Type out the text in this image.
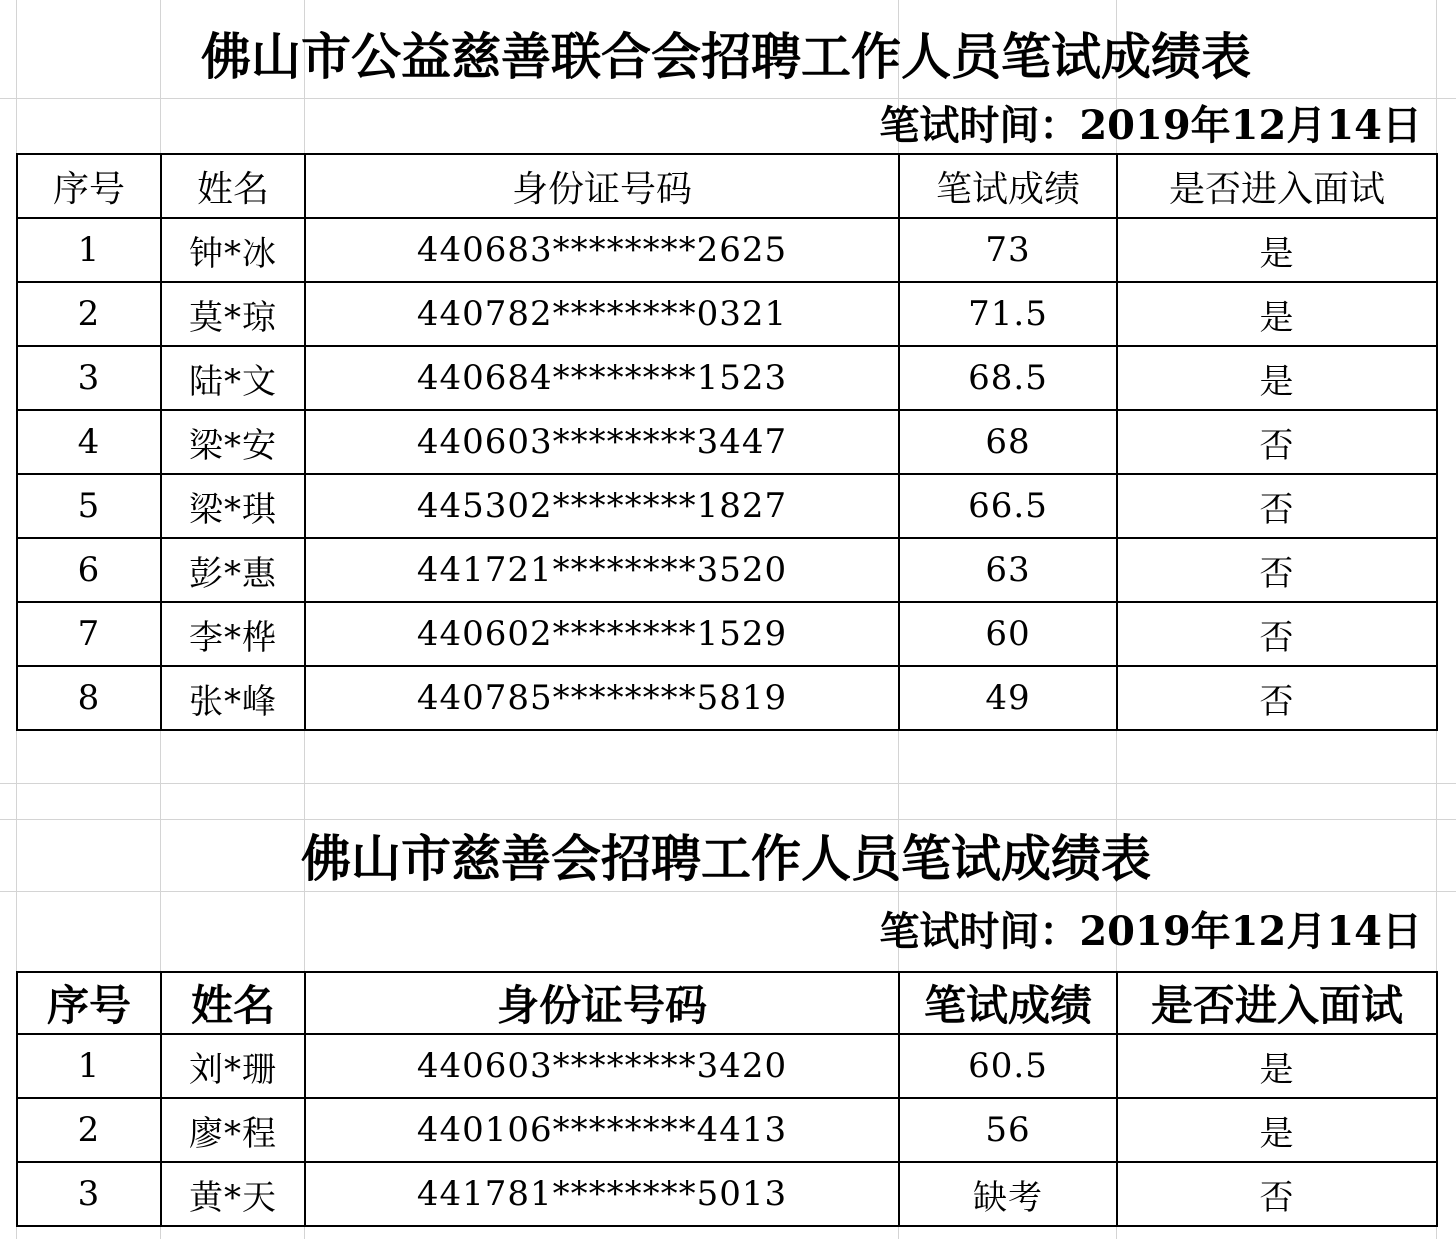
佛山市公益慈善联合会招聘工作人员笔试成绩表
笔试时间：2019年12月14日
序号	姓名	身份证号码	笔试成绩	是否进入面试
1	钟*冰	440683********2625	73	是
2	莫*琼	440782********0321	71.5	是
3	陆*文	440684********1523	68.5	是
4	梁*安	440603********3447	68	否
5	梁*琪	445302********1827	66.5	否
6	彭*惠	441721********3520	63	否
7	李*桦	440602********1529	60	否
8	张*峰	440785********5819	49	否
佛山市慈善会招聘工作人员笔试成绩表
笔试时间：2019年12月14日
序号	姓名	身份证号码	笔试成绩	是否进入面试
1	刘*珊	440603********3420	60.5	是
2	廖*程	440106********4413	56	是
3	黄*天	441781********5013	缺考	否
